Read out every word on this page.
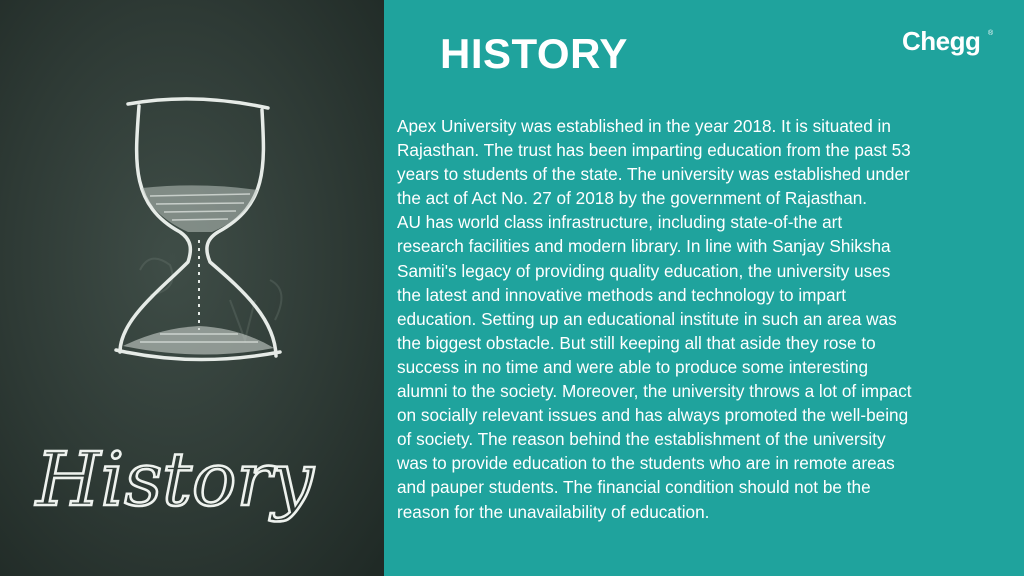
History
HISTORY	Chegg ®
Apex University was established in the year 2018. It is situated in
Rajasthan. The trust has been imparting education from the past 53
years to students of the state. The university was established under
the act of Act No. 27 of 2018 by the government of Rajasthan.
AU has world class infrastructure, including state-of-the art
research facilities and modern library. In line with Sanjay Shiksha
Samiti's legacy of providing quality education, the university uses
the latest and innovative methods and technology to impart
education. Setting up an educational institute in such an area was
the biggest obstacle. But still keeping all that aside they rose to
success in no time and were able to produce some interesting
alumni to the society. Moreover, the university throws a lot of impact
on socially relevant issues and has always promoted the well-being
of society. The reason behind the establishment of the university
was to provide education to the students who are in remote areas
and pauper students. The financial condition should not be the
reason for the unavailability of education.
